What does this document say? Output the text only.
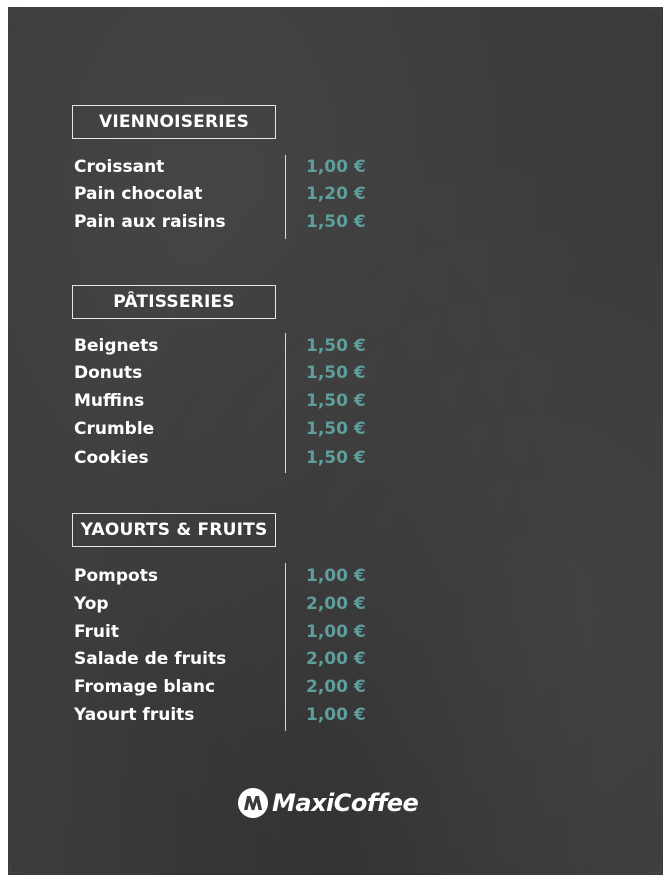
VIENNOISERIES
Croissant	1,00 €
Pain chocolat	1,20 €
Pain aux raisins	1,50 €
PÂTISSERIES
Beignets	1,50 €
Donuts	1,50 €
Muffins	1,50 €
Crumble	1,50 €
Cookies	1,50 €
YAOURTS & FRUITS
Pompots	1,00 €
Yop	2,00 €
Fruit	1,00 €
Salade de fruits	2,00 €
Fromage blanc	2,00 €
Yaourt fruits	1,00 €
MaxiCoffee
